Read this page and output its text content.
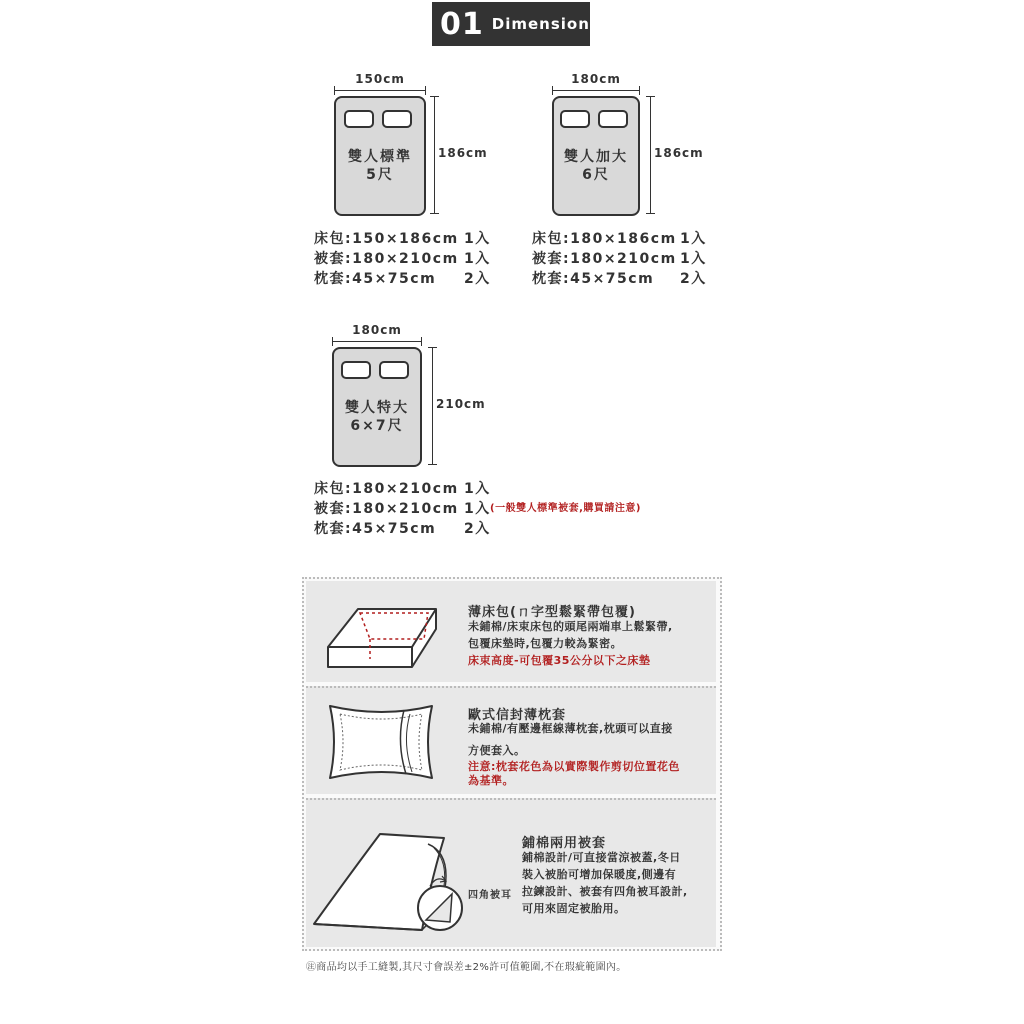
01 Dimensions
150cm
雙人標準
5尺
186cm
180cm
雙人加大
6尺
186cm
床包:150×186cm 1入
被套:180×210cm 1入
枕套:45×75cm 2入
床包:180×186cm 1入
被套:180×210cm 1入
枕套:45×75cm 2入
180cm
雙人特大
6×7尺
210cm
床包:180×210cm 1入
被套:180×210cm 1入 (一般雙人標準被套,購買請注意)
枕套:45×75cm 2入
薄床包(ㄇ字型鬆緊帶包覆)
未鋪棉/床束床包的頭尾兩端車上鬆緊帶,
包覆床墊時,包覆力較為緊密。
床束高度-可包覆35公分以下之床墊
歐式信封薄枕套
未鋪棉/有壓邊框線薄枕套,枕頭可以直接
方便套入。
注意:枕套花色為以實際製作剪切位置花色
為基準。
四角被耳
鋪棉兩用被套
鋪棉設計/可直接當涼被蓋,冬日
裝入被胎可增加保暖度,側邊有
拉鍊設計、被套有四角被耳設計,
可用來固定被胎用。
㊟商品均以手工縫製,其尺寸會誤差±2%許可值範圍,不在瑕疵範圍內。
